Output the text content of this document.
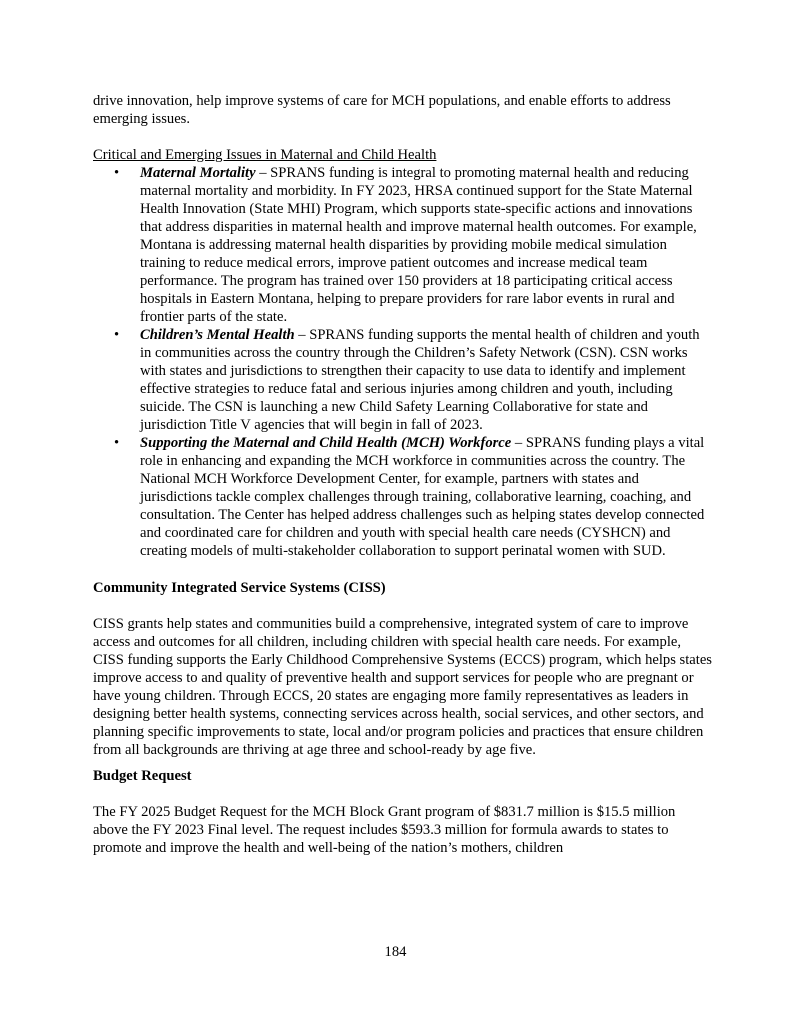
drive innovation, help improve systems of care for MCH populations, and enable efforts to address emerging issues.

Critical and Emerging Issues in Maternal and Child Health

• Maternal Mortality – SPRANS funding is integral to promoting maternal health and reducing maternal mortality and morbidity. In FY 2023, HRSA continued support for the State Maternal Health Innovation (State MHI) Program, which supports state-specific actions and innovations that address disparities in maternal health and improve maternal health outcomes. For example, Montana is addressing maternal health disparities by providing mobile medical simulation training to reduce medical errors, improve patient outcomes and increase medical team performance. The program has trained over 150 providers at 18 participating critical access hospitals in Eastern Montana, helping to prepare providers for rare labor events in rural and frontier parts of the state.
• Children’s Mental Health – SPRANS funding supports the mental health of children and youth in communities across the country through the Children’s Safety Network (CSN). CSN works with states and jurisdictions to strengthen their capacity to use data to identify and implement effective strategies to reduce fatal and serious injuries among children and youth, including suicide. The CSN is launching a new Child Safety Learning Collaborative for state and jurisdiction Title V agencies that will begin in fall of 2023.
• Supporting the Maternal and Child Health (MCH) Workforce – SPRANS funding plays a vital role in enhancing and expanding the MCH workforce in communities across the country. The National MCH Workforce Development Center, for example, partners with states and jurisdictions tackle complex challenges through training, collaborative learning, coaching, and consultation. The Center has helped address challenges such as helping states develop connected and coordinated care for children and youth with special health care needs (CYSHCN) and creating models of multi-stakeholder collaboration to support perinatal women with SUD.

Community Integrated Service Systems (CISS)

CISS grants help states and communities build a comprehensive, integrated system of care to improve access and outcomes for all children, including children with special health care needs. For example, CISS funding supports the Early Childhood Comprehensive Systems (ECCS) program, which helps states improve access to and quality of preventive health and support services for people who are pregnant or have young children. Through ECCS, 20 states are engaging more family representatives as leaders in designing better health systems, connecting services across health, social services, and other sectors, and planning specific improvements to state, local and/or program policies and practices that ensure children from all backgrounds are thriving at age three and school-ready by age five.

Budget Request

The FY 2025 Budget Request for the MCH Block Grant program of $831.7 million is $15.5 million above the FY 2023 Final level. The request includes $593.3 million for formula awards to states to promote and improve the health and well-being of the nation’s mothers, children

184
